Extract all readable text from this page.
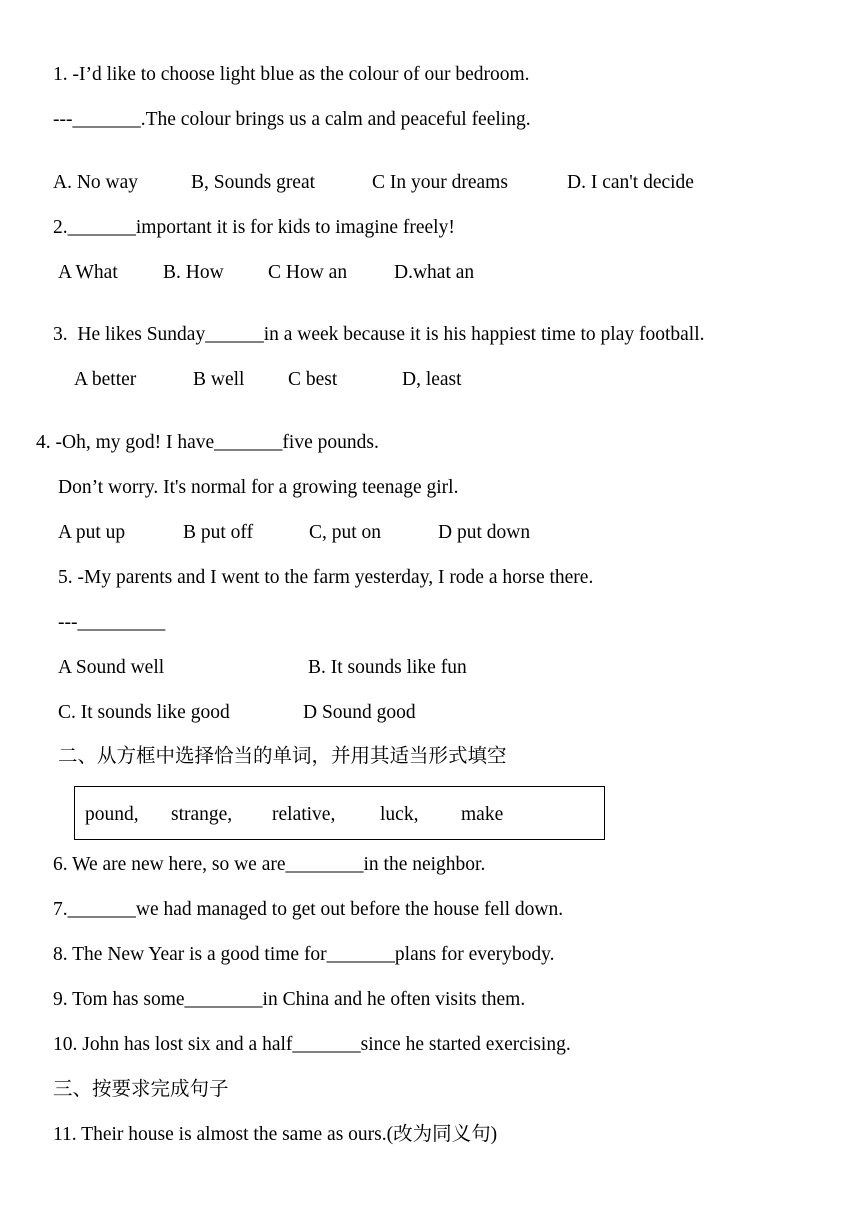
1. -I’d like to choose light blue as the colour of our bedroom.
---_______.The colour brings us a calm and peaceful feeling.
A. No way	B, Sounds great	C In your dreams	D. I can't decide
2._______important it is for kids to imagine freely!
A What B. How C How an D.what an
3.  He likes Sunday______in a week because it is his happiest time to play football.
A better	B well C best	D, least
4. -Oh, my god! I have_______five pounds.
Don’t worry. It's normal for a growing teenage girl.
A put up	B put off	C, put on	D put down
5. -My parents and I went to the farm yesterday, I rode a horse there.
---_________
A Sound well	B. It sounds like fun
C. It sounds like good	D Sound good
二、从方框中选择恰当的单词，并用其适当形式填空
pound, strange, relative, luck, make
6. We are new here, so we are________in the neighbor.
7._______we had managed to get out before the house fell down.
8. The New Year is a good time for_______plans for everybody.
9. Tom has some________in China and he often visits them.
10. John has lost six and a half_______since he started exercising.
三、按要求完成句子
11. Their house is almost the same as ours.(改为同义句)
